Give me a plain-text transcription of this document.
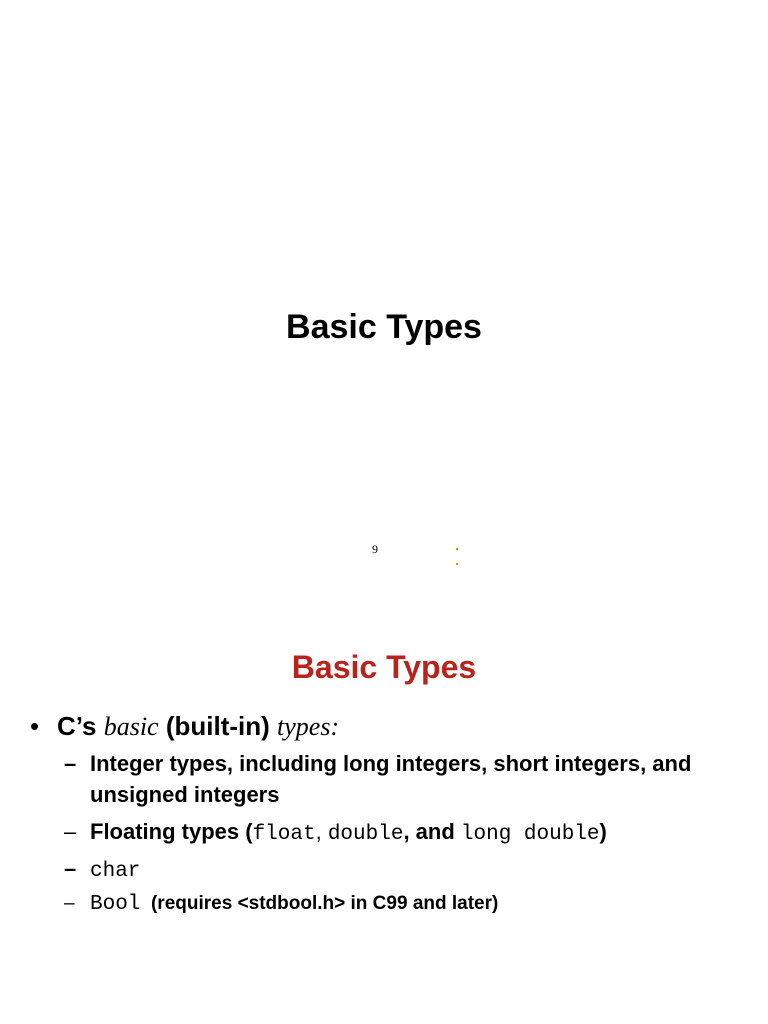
Basic Types
9
Basic Types
• C’s basic (built-in) types:
– Integer types, including long integers, short integers, and unsigned integers
– Floating types (float, double, and long double)
– char
– Bool  (requires <stdbool.h> in C99 and later)
